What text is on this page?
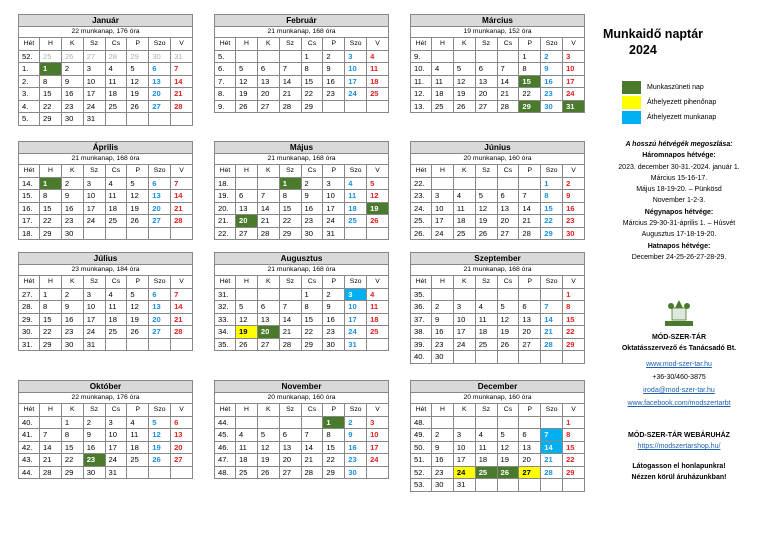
Január
22 munkanap, 176 óra
Hét	H	K	Sz	Cs	P	Szo	V
52.	25	26	27	28	29	30	31
1.	1	2	3	4	5	6	7
2.	8	9	10	11	12	13	14
3.	15	16	17	18	19	20	21
4.	22	23	24	25	26	27	28
5.	29	30	31				
Február
21 munkanap, 168 óra
Hét	H	K	Sz	Cs	P	Szo	V
5.				1	2	3	4
6.	5	6	7	8	9	10	11
7.	12	13	14	15	16	17	18
8.	19	20	21	22	23	24	25
9.	26	27	28	29			
Március
19 munkanap, 152 óra
Hét	H	K	Sz	Cs	P	Szo	V
9.					1	2	3
10.	4	5	6	7	8	9	10
11.	11	12	13	14	15	16	17
12.	18	19	20	21	22	23	24
13.	25	26	27	28	29	30	31
Április
21 munkanap, 168 óra
Hét	H	K	Sz	Cs	P	Szo	V
14.	1	2	3	4	5	6	7
15.	8	9	10	11	12	13	14
16.	15	16	17	18	19	20	21
17.	22	23	24	25	26	27	28
18.	29	30					
Május
21 munkanap, 168 óra
Hét	H	K	Sz	Cs	P	Szo	V
18.			1	2	3	4	5
19.	6	7	8	9	10	11	12
20.	13	14	15	16	17	18	19
21.	20	21	22	23	24	25	26
22.	27	28	29	30	31		
Június
20 munkanap, 160 óra
Hét	H	K	Sz	Cs	P	Szo	V
22.						1	2
23.	3	4	5	6	7	8	9
24.	10	11	12	13	14	15	16
25.	17	18	19	20	21	22	23
26.	24	25	26	27	28	29	30
Július
23 munkanap, 184 óra
Hét	H	K	Sz	Cs	P	Szo	V
27.	1	2	3	4	5	6	7
28.	8	9	10	11	12	13	14
29.	15	16	17	18	19	20	21
30.	22	23	24	25	26	27	28
31.	29	30	31				
Augusztus
21 munkanap, 168 óra
Hét	H	K	Sz	Cs	P	Szo	V
31.				1	2	3	4
32.	5	6	7	8	9	10	11
33.	12	13	14	15	16	17	18
34.	19	20	21	22	23	24	25
35.	26	27	28	29	30	31	
Szeptember
21 munkanap, 168 óra
Hét	H	K	Sz	Cs	P	Szo	V
35.							1
36.	2	3	4	5	6	7	8
37.	9	10	11	12	13	14	15
38.	16	17	18	19	20	21	22
39.	23	24	25	26	27	28	29
40.	30						
Október
22 munkanap, 176 óra
Hét	H	K	Sz	Cs	P	Szo	V
40.		1	2	3	4	5	6
41.	7	8	9	10	11	12	13
42.	14	15	16	17	18	19	20
43.	21	22	23	24	25	26	27
44.	28	29	30	31			
November
20 munkanap, 160 óra
Hét	H	K	Sz	Cs	P	Szo	V
44.					1	2	3
45.	4	5	6	7	8	9	10
46.	11	12	13	14	15	16	17
47.	18	19	20	21	22	23	24
48.	25	26	27	28	29	30	
December
20 munkanap, 160 óra
Hét	H	K	Sz	Cs	P	Szo	V
48.							1
49.	2	3	4	5	6	7	8
50.	9	10	11	12	13	14	15
51.	16	17	18	19	20	21	22
52.	23	24	25	26	27	28	29
53.	30	31					
Munkaidő naptár
2024
Munkaszüneti nap
Áthelyezett pihenőnap
Áthelyezett munkanap
A hosszú hétvégék megoszlása:
Háromnapos hétvége:
2023. december 30-31.-2024. január 1.
Március 15-16-17.
Május 18-19-20. – Pünkösd
November 1-2-3.
Négynapos hétvége:
Március 29-30-31-április 1. – Húsvét
Augusztus 17-18-19-20.
Hatnapos hétvége:
December 24-25-26-27-28-29.
MÓD-SZER-TÁR
Oktatásszervező és Tanácsadó Bt.
www.mod-szer-tar.hu
+36-30/460-3875
iroda@mod-szer-tar.hu
www.facebook.com/modszertarbt
MÓD-SZER-TÁR WEBÁRUHÁZ
https://modszertarshop.hu/
Látogasson el honlapunkra!
Nézzen körül áruházunkban!
